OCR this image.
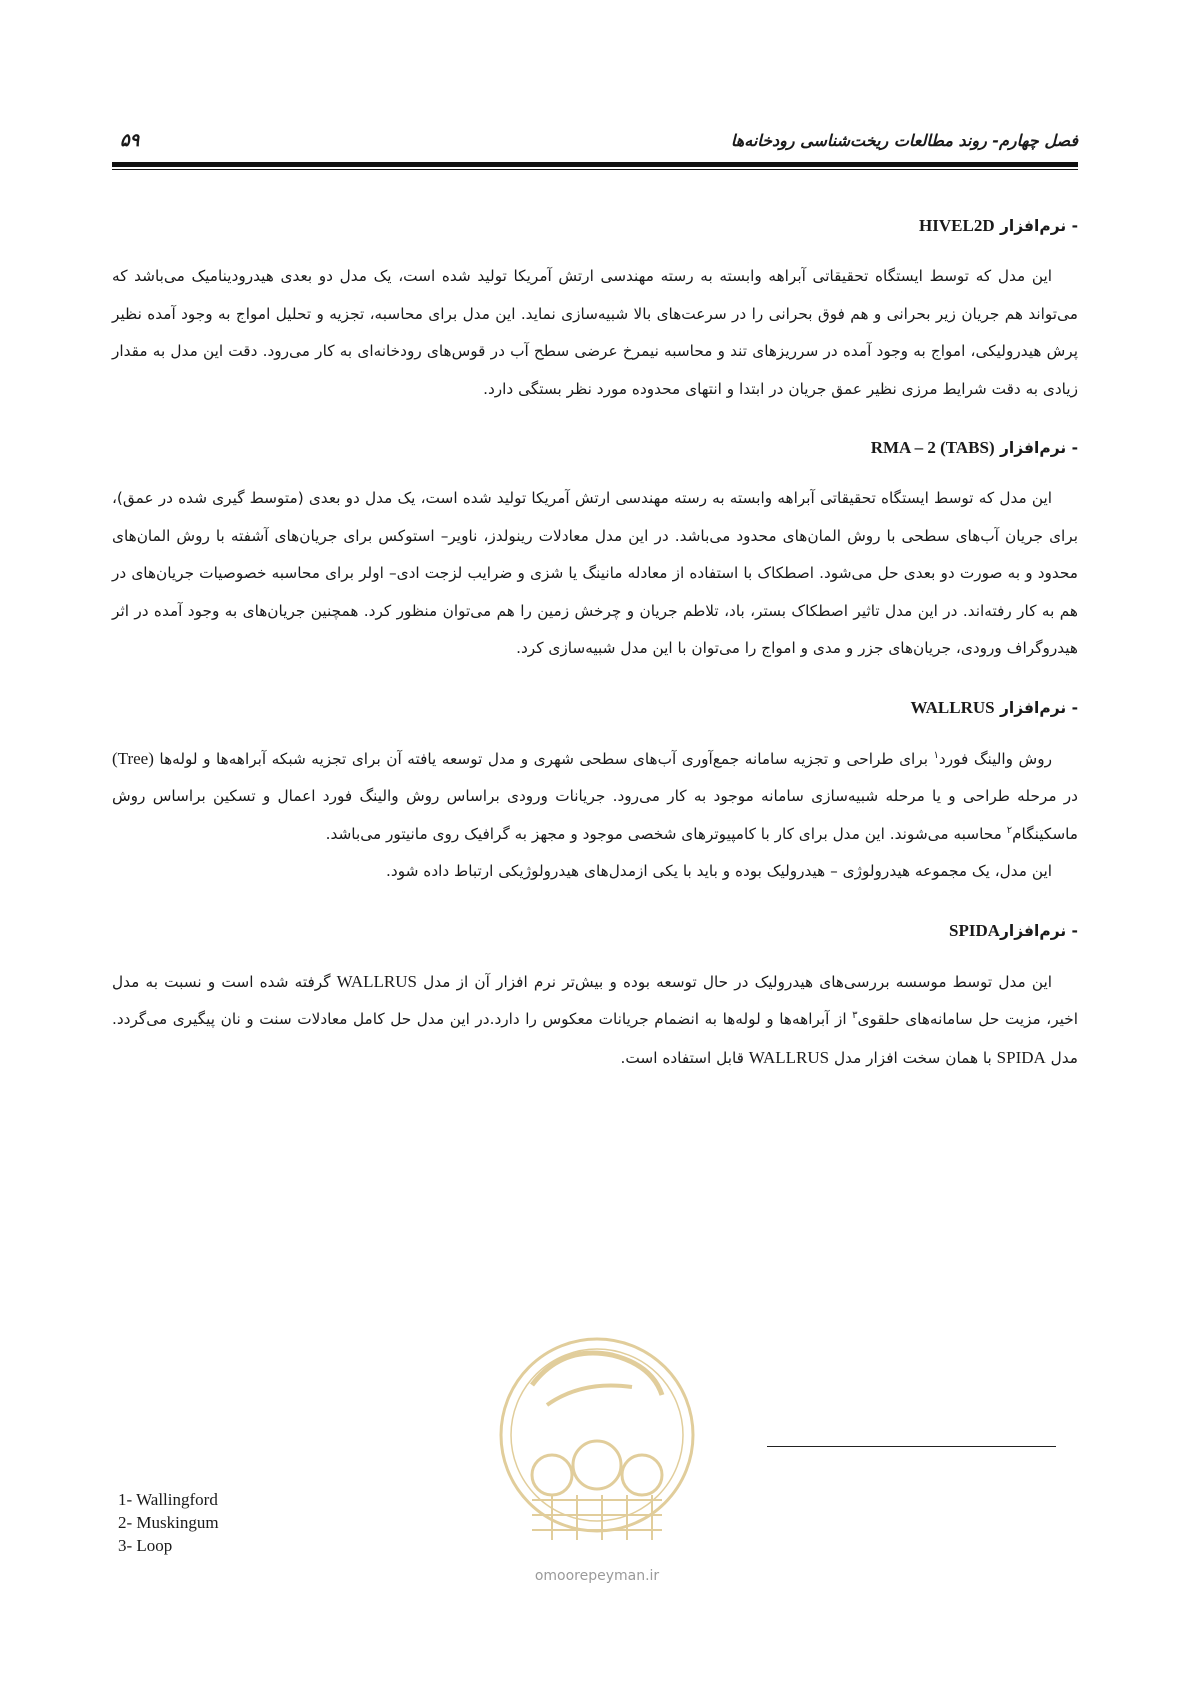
فصل چهارم- روند مطالعات ریخت‌شناسی رودخانه‌ها
۵۹

- نرم‌افزار HIVEL2D

این مدل که توسط ایستگاه تحقیقاتی آبراهه وابسته به رسته مهندسی ارتش آمریکا تولید شده است، یک مدل دو بعدی هیدرودینامیک می‌باشد که می‌تواند هم جریان زیر بحرانی و هم فوق بحرانی را در سرعت‌های بالا شبیه‌سازی نماید. این مدل برای محاسبه، تجزیه و تحلیل امواج به وجود آمده نظیر پرش هیدرولیکی، امواج به وجود آمده در سرریزهای تند و محاسبه نیمرخ عرضی سطح آب در قوس‌های رودخانه‌ای به کار می‌رود. دقت این مدل به مقدار زیادی به دقت شرایط مرزی نظیر عمق جریان در ابتدا و انتهای محدوده مورد نظر بستگی دارد.

- نرم‌افزار RMA – 2 (TABS)

این مدل که توسط ایستگاه تحقیقاتی آبراهه وابسته به رسته مهندسی ارتش آمریکا تولید شده است، یک مدل دو بعدی (متوسط گیری شده در عمق)، برای جریان آب‌های سطحی با روش المان‌های محدود می‌باشد. در این مدل معادلات رینولدز، ناویر– استوکس برای جریان‌های آشفته با روش المان‌های محدود و به صورت دو بعدی حل می‌شود. اصطکاک با استفاده از معادله مانینگ یا شزی و ضرایب لزجت ادی– اولر برای محاسبه خصوصیات جریان‌های در هم به کار رفته‌اند. در این مدل تاثیر اصطکاک بستر، باد، تلاطم جریان و چرخش زمین را هم می‌توان منظور کرد. همچنین جریان‌های به وجود آمده در اثر هیدروگراف ورودی، جریان‌های جزر و مدی و امواج را می‌توان با این مدل شبیه‌سازی کرد.

- نرم‌افزار WALLRUS

روش والینگ فورد$^۱$ برای طراحی و تجزیه سامانه جمع‌آوری آب‌های سطحی شهری و مدل توسعه یافته آن برای تجزیه شبکه آبراهه‌ها و لوله‌ها (Tree) در مرحله طراحی و یا مرحله شبیه‌سازی سامانه موجود به کار می‌رود. جریانات ورودی براساس روش والینگ فورد اعمال و تسکین براساس روش ماسکینگام$^۲$ محاسبه می‌شوند. این مدل برای کار با کامپیوترهای شخصی موجود و مجهز به گرافیک روی مانیتور می‌باشد.

این مدل، یک مجموعه هیدرولوژی – هیدرولیک بوده و باید با یکی ازمدل‌های هیدرولوژیکی ارتباط داده شود.

- نرم‌افزارSPIDA

این مدل توسط موسسه بررسی‌های هیدرولیک در حال توسعه بوده و بیش‌تر نرم افزار آن از مدل WALLRUS گرفته شده است و نسبت به مدل اخیر، مزیت حل سامانه‌های حلقوی$^۳$ از آبراهه‌ها و لوله‌ها به انضمام جریانات معکوس را دارد.در این مدل حل کامل معادلات سنت و نان پیگیری می‌گردد. مدل SPIDA با همان سخت افزار مدل WALLRUS قابل استفاده است.

omoorepeyman.ir
1- Wallingford
2- Muskingum
3- Loop
